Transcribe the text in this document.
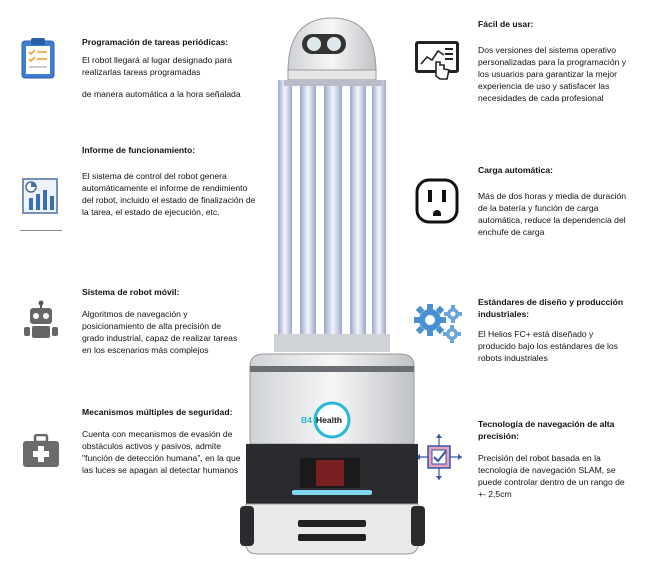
Programación de tareas periódicas:
El robot llegará al lugar designado para realizarlas tareas programadas
de manera automática a la hora señalada
Informe de funcionamiento:
El sistema de control del robot genera automáticamente el informe de rendimiento del robot, incluido el estado de finalización de la tarea, el estado de ejecución, etc.
Sistema de robot móvil:
Algoritmos de navegación y posicionamiento de alta precisión de grado industrial, capaz de realizar tareas en los escenarios más complejos
Mecanismos múltiples de seguridad:
Cuenta con mecanismos de evasión de obstáculos activos y pasivos, admite "función de detección humana", en la que las luces se apagan al detectar humanos
Fácil de usar:
Dos versiones del sistema operativo personalizadas para la programación y los usuarios para garantizar la mejor experiencia de uso y satisfacer las necesidades de cada profesional
Carga automática:
Más de dos horas y media de duración de la batería y función de carga automática, reduce la dependencia del enchufe de carga
Estándares de diseño y producción industriales:
El Helios FC+ está diseñado y producido bajo los estándares de los robots industriales
Tecnología de navegación de alta precisión:
Precisión del robot basada en la tecnología de navegación SLAM, se puede controlar dentro de un rango de +- 2,5cm
B4 Health
